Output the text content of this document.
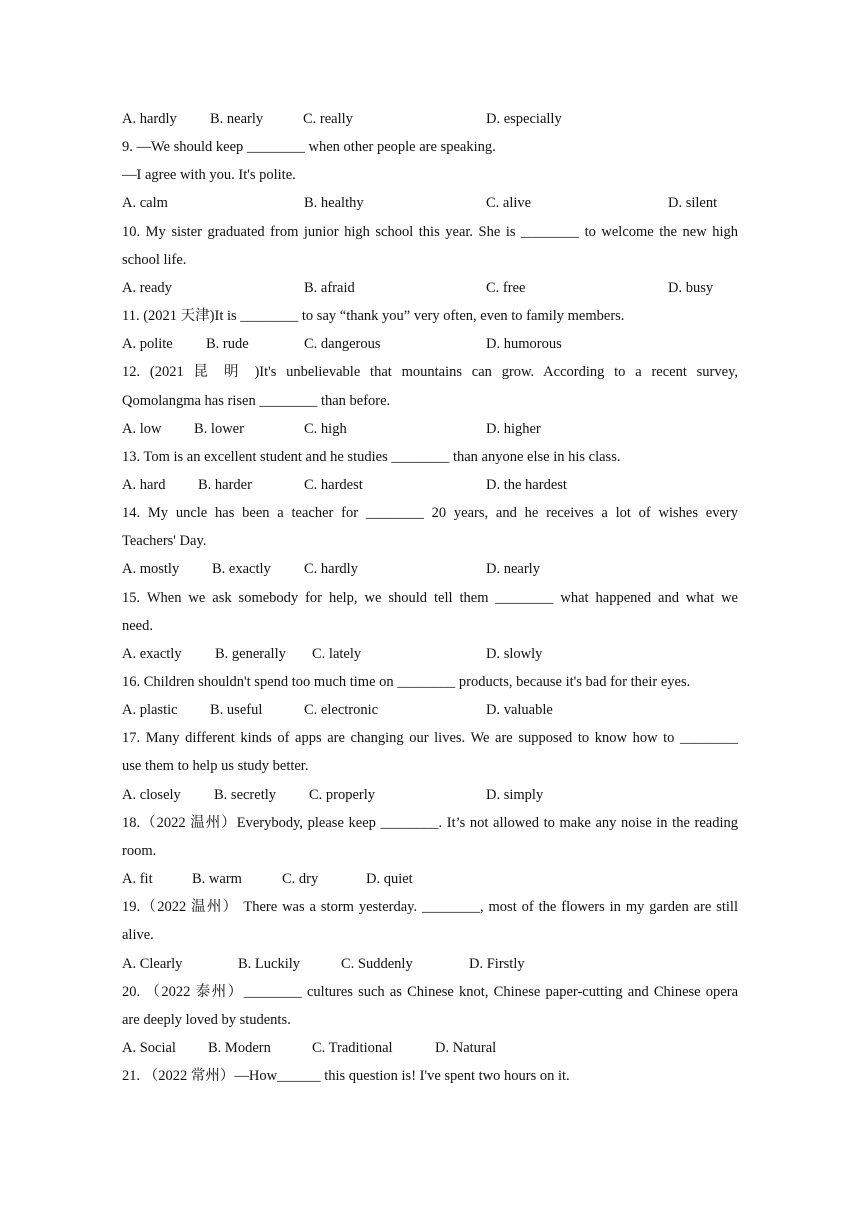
A. hardly B. nearly	C. really	D. especially
9. —We should keep ________ when other people are speaking.
—I agree with you. It's polite.
A. calm	B. healthy	C. alive	D. silent
10. My sister graduated from junior high school this year. She is ________ to welcome the new high
school life.
A. ready	B. afraid	C. free	D. busy
11. (2021 天津)It is ________ to say “thank you” very often, even to family members.
A. polite B. rude	C. dangerous	D. humorous
12. (2021 昆 明 )It's unbelievable that mountains can grow. According to a recent survey,
Qomolangma has risen ________ than before.
A. low B. lower	C. high	D. higher
13. Tom is an excellent student and he studies ________ than anyone else in his class.
A. hard B. harder	C. hardest	D. the hardest
14. My uncle has been a teacher for ________ 20 years, and he receives a lot of wishes every
Teachers' Day.
A. mostly B. exactly C. hardly	D. nearly
15. When we ask somebody for help, we should tell them ________ what happened and what we
need.
A. exactly B. generally C. lately	D. slowly
16. Children shouldn't spend too much time on ________ products, because it's bad for their eyes.
A. plastic B. useful	C. electronic	D. valuable
17. Many different kinds of apps are changing our lives. We are supposed to know how to ________
use them to help us study better.
A. closely B. secretly C. properly	D. simply
18.（2022 温州）Everybody, please keep ________. It’s not allowed to make any noise in the reading
room.
A. fit	B. warm	C. dry	D. quiet
19.（2022 温州） There was a storm yesterday. ________, most of the flowers in my garden are still
alive.
A. Clearly	B. Luckily	C. Suddenly	D. Firstly
20. （2022 泰州）________ cultures such as Chinese knot, Chinese paper-cutting and Chinese opera
are deeply loved by students.
A. Social B. Modern	C. Traditional	D. Natural
21. （2022 常州）—How______ this question is! I've spent two hours on it.
